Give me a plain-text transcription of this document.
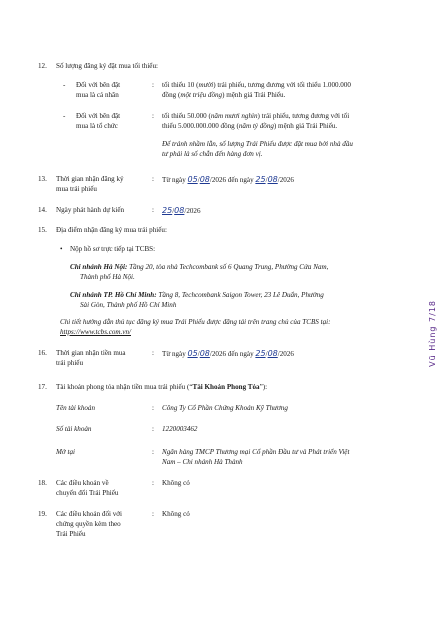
12. Số lượng đăng ký đặt mua tối thiểu:
- Đối với bên đặt
mua là cá nhân
: tối thiểu 10 (mười) trái phiếu, tương đương với tối thiểu 1.000.000
đồng (một triệu đồng) mệnh giá Trái Phiếu.
- Đối với bên đặt
mua là tổ chức
: tối thiểu 50.000 (năm mươi nghìn) trái phiếu, tương đương với tối
thiểu 5.000.000.000 đồng (năm tỷ đồng) mệnh giá Trái Phiếu.
Để tránh nhầm lẫn, số lượng Trái Phiếu được đặt mua bởi nhà đầu
tư phải là số chẵn đến hàng đơn vị.
13. Thời gian nhận đăng ký
mua trái phiếu
: Từ ngày 05/08/2026 đến ngày 25/08/2026
14. Ngày phát hành dự kiến	: 25/08/2026
15. Địa điểm nhận đăng ký mua trái phiếu:
• Nộp hồ sơ trực tiếp tại TCBS:
Chi nhánh Hà Nội: Tầng 20, tòa nhà Techcombank số 6 Quang Trung, Phường Cửa Nam,
Thành phố Hà Nội.
Chi nhánh TP. Hồ Chí Minh: Tầng 8, Techcombank Saigon Tower, 23 Lê Duẩn, Phường
Sài Gòn, Thành phố Hồ Chí Minh
Chi tiết hướng dẫn thủ tục đăng ký mua Trái Phiếu được đăng tải trên trang chủ của TCBS tại:
https://www.tcbs.com.vn/
16. Thời gian nhận tiền mua
trái phiếu
: Từ ngày 05/08/2026 đến ngày 25/08/2026
17. Tài khoản phong tỏa nhận tiền mua trái phiếu (“Tài Khoản Phong Tỏa”):
Tên tài khoản	: Công Ty Cổ Phần Chứng Khoán Kỹ Thương
Số tài khoản	: 1220003462
Mở tại	: Ngân hàng TMCP Thương mại Cổ phần Đầu tư và Phát triển Việt
Nam – Chi nhánh Hà Thành
18. Các điều khoản về
chuyển đổi Trái Phiếu
: Không có
19. Các điều khoản đối với
chứng quyền kèm theo
Trái Phiếu
: Không có
Vũ Hùng 7/18
